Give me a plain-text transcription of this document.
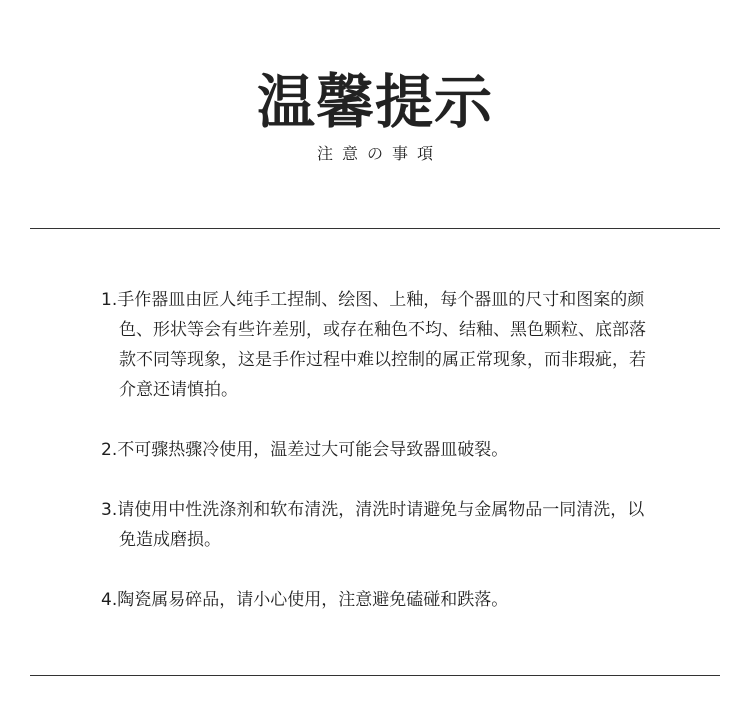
温馨提示
注意の事項

1.手作器皿由匠人纯手工捏制、绘图、上釉，每个器皿的尺寸和图案的颜色、形状等会有些许差别，或存在釉色不均、结釉、黑色颗粒、底部落款不同等现象，这是手作过程中难以控制的属正常现象，而非瑕疵，若介意还请慎拍。

2.不可骤热骤冷使用，温差过大可能会导致器皿破裂。

3.请使用中性洗涤剂和软布清洗，清洗时请避免与金属物品一同清洗，以免造成磨损。

4.陶瓷属易碎品，请小心使用，注意避免磕碰和跌落。
